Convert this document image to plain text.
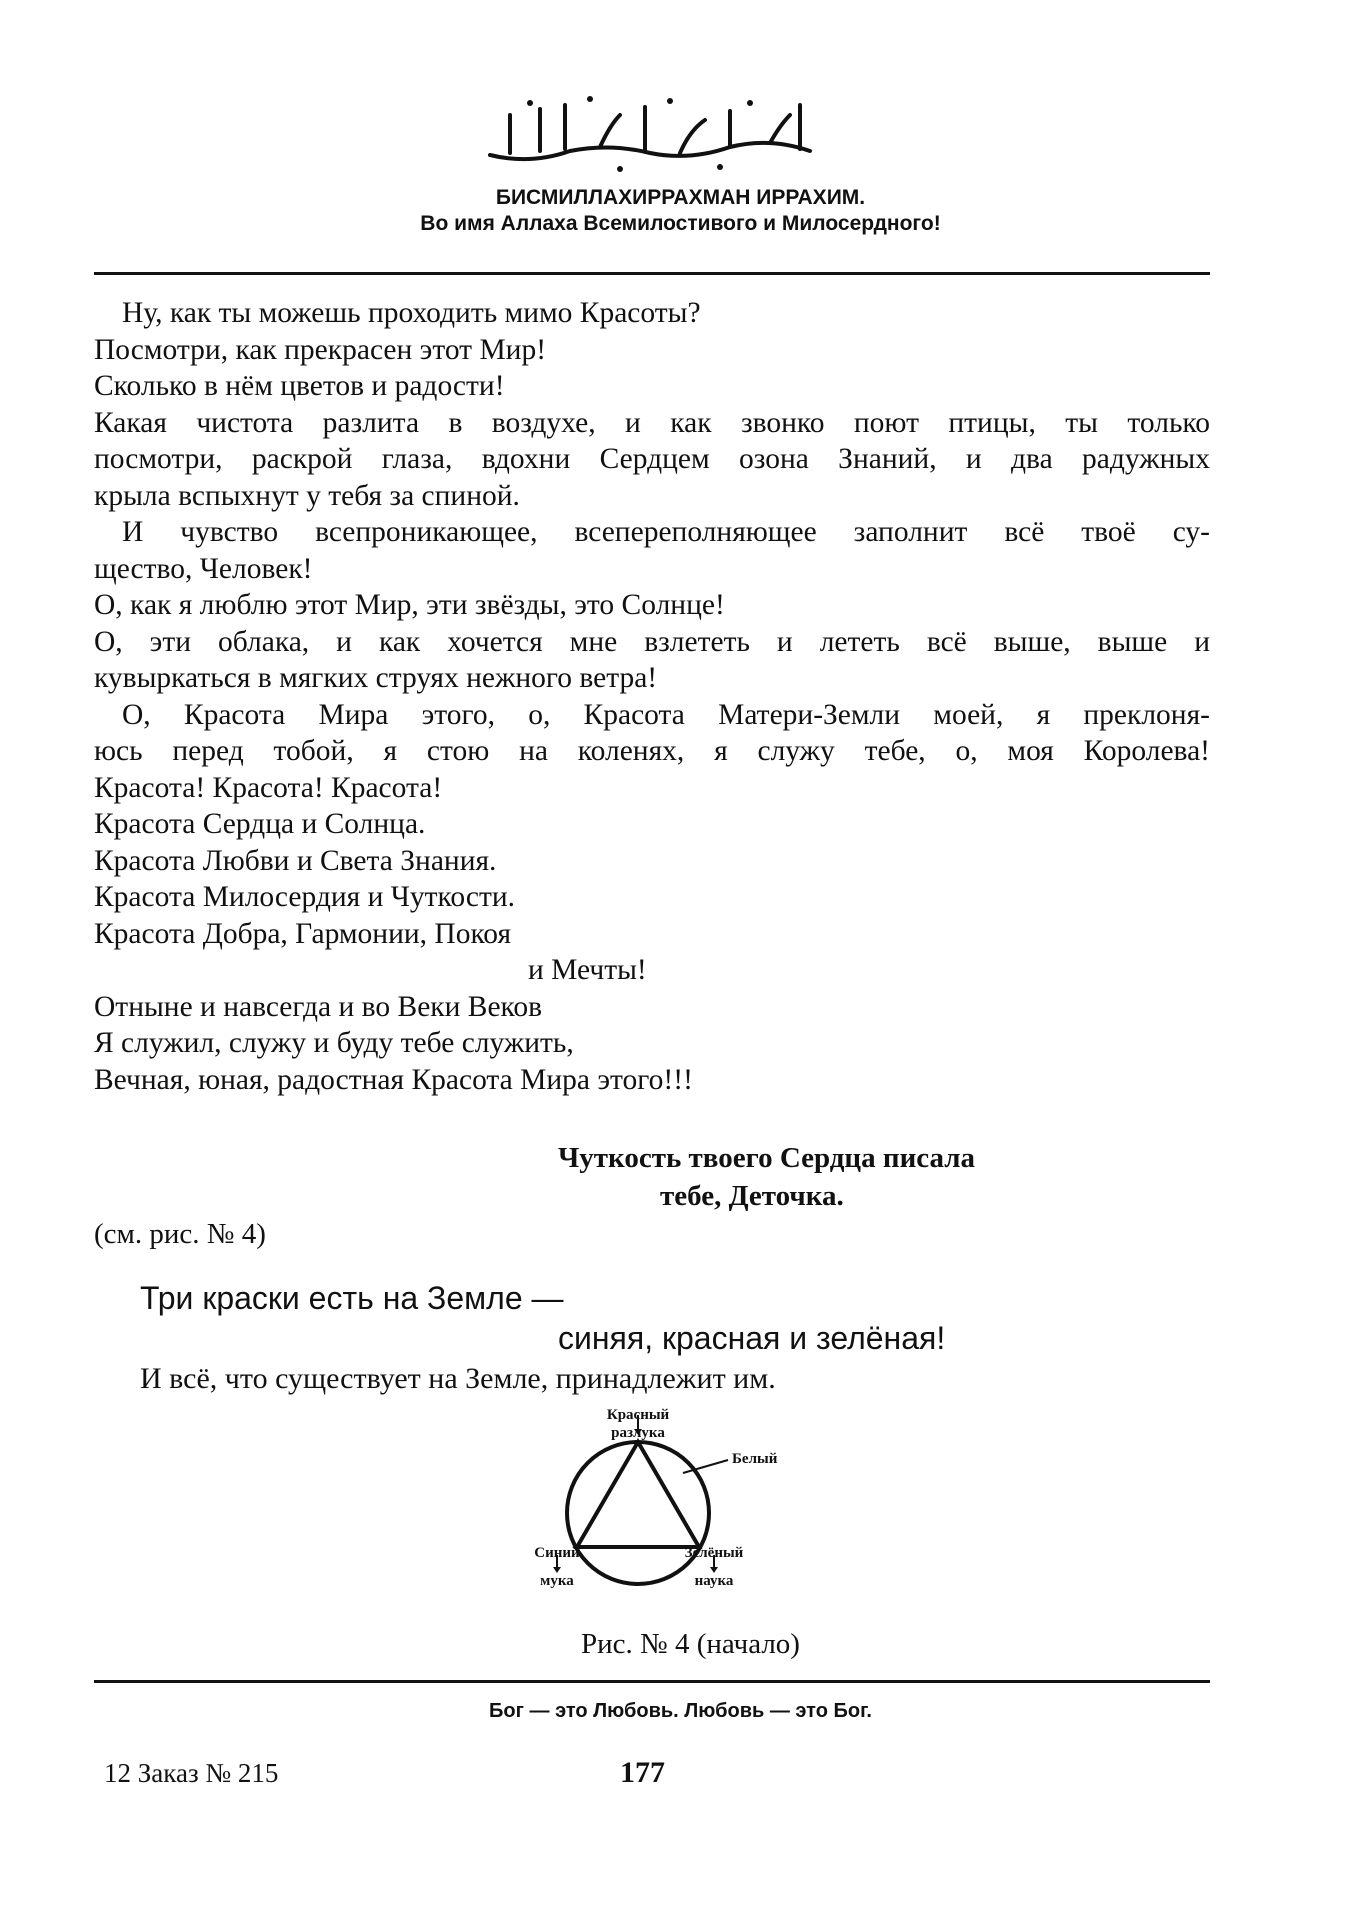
БИСМИЛЛАХИРРАХМАН ИРРАХИМ.
Во имя Аллаха Всемилостивого и Милосердного!
Ну, как ты можешь проходить мимо Красоты?
Посмотри, как прекрасен этот Мир!
Сколько в нём цветов и радости!
Какая чистота разлита в воздухе, и как звонко поют птицы, ты только
посмотри, раскрой глаза, вдохни Сердцем озона Знаний, и два радужных
крыла вспыхнут у тебя за спиной.
И чувство всепроникающее, всепереполняющее заполнит всё твоё су-
щество, Человек!
О, как я люблю этот Мир, эти звёзды, это Солнце!
О, эти облака, и как хочется мне взлететь и лететь всё выше, выше и
кувыркаться в мягких струях нежного ветра!
О, Красота Мира этого, о, Красота Матери-Земли моей, я преклоня-
юсь перед тобой, я стою на коленях, я служу тебе, о, моя Королева!
Красота! Красота! Красота!
Красота Сердца и Солнца.
Красота Любви и Света Знания.
Красота Милосердия и Чуткости.
Красота Добра, Гармонии, Покоя
и Мечты!
Отныне и навсегда и во Веки Веков
Я служил, служу и буду тебе служить,
Вечная, юная, радостная Красота Мира этого!!!
Чуткость твоего Сердца писала
тебе, Деточка.
(см. рис. № 4)
Три краски есть на Земле —
синяя, красная и зелёная!
И всё, что существует на Земле, принадлежит им.
Красный
разлука
Белый
Синий
мука
Зелёный
наука
Рис. № 4 (начало)
Бог — это Любовь. Любовь — это Бог.
12 Заказ № 215	177
